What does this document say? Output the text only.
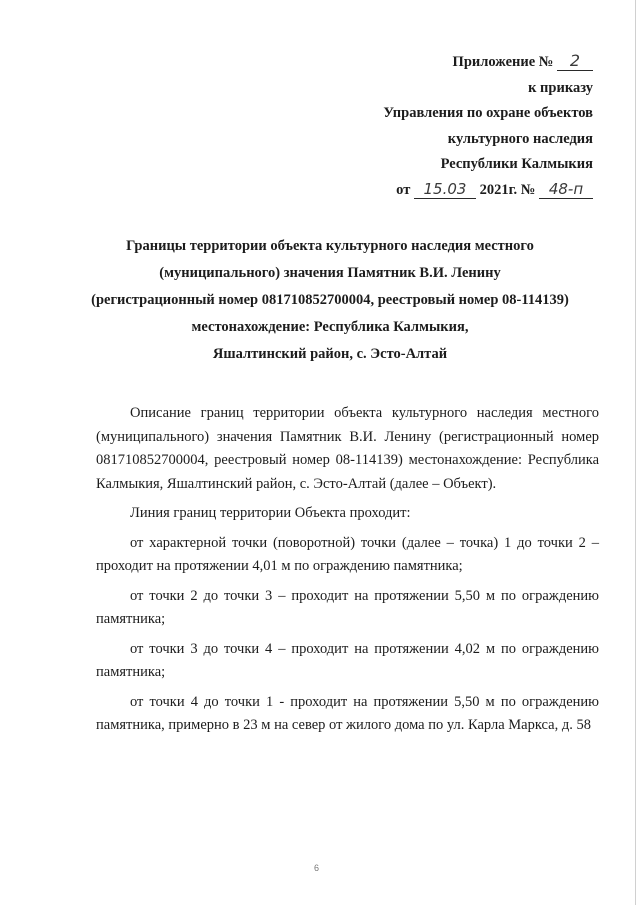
Приложение № 2
к приказу
Управления по охране объектов
культурного наследия
Республики Калмыкия
от 15.03 2021г. № 48-п
Границы территории объекта культурного наследия местного
(муниципального) значения Памятник В.И. Ленину
(регистрационный номер 081710852700004, реестровый номер 08-114139)
местонахождение: Республика Калмыкия,
Яшалтинский район, с. Эсто-Алтай

Описание границ территории объекта культурного наследия местного (муниципального) значения Памятник В.И. Ленину (регистрационный номер 081710852700004, реестровый номер 08-114139) местонахождение: Республика Калмыкия, Яшалтинский район, с. Эсто-Алтай (далее – Объект).

Линия границ территории Объекта проходит:

от характерной точки (поворотной) точки (далее – точка) 1 до точки 2 – проходит на протяжении 4,01 м по ограждению памятника;

от точки 2 до точки 3 – проходит на протяжении 5,50 м по ограждению памятника;

от точки 3 до точки 4 – проходит на протяжении 4,02 м по ограждению памятника;

от точки 4 до точки 1 - проходит на протяжении 5,50 м по ограждению памятника, примерно в 23 м на север от жилого дома по ул. Карла Маркса, д. 58

6
